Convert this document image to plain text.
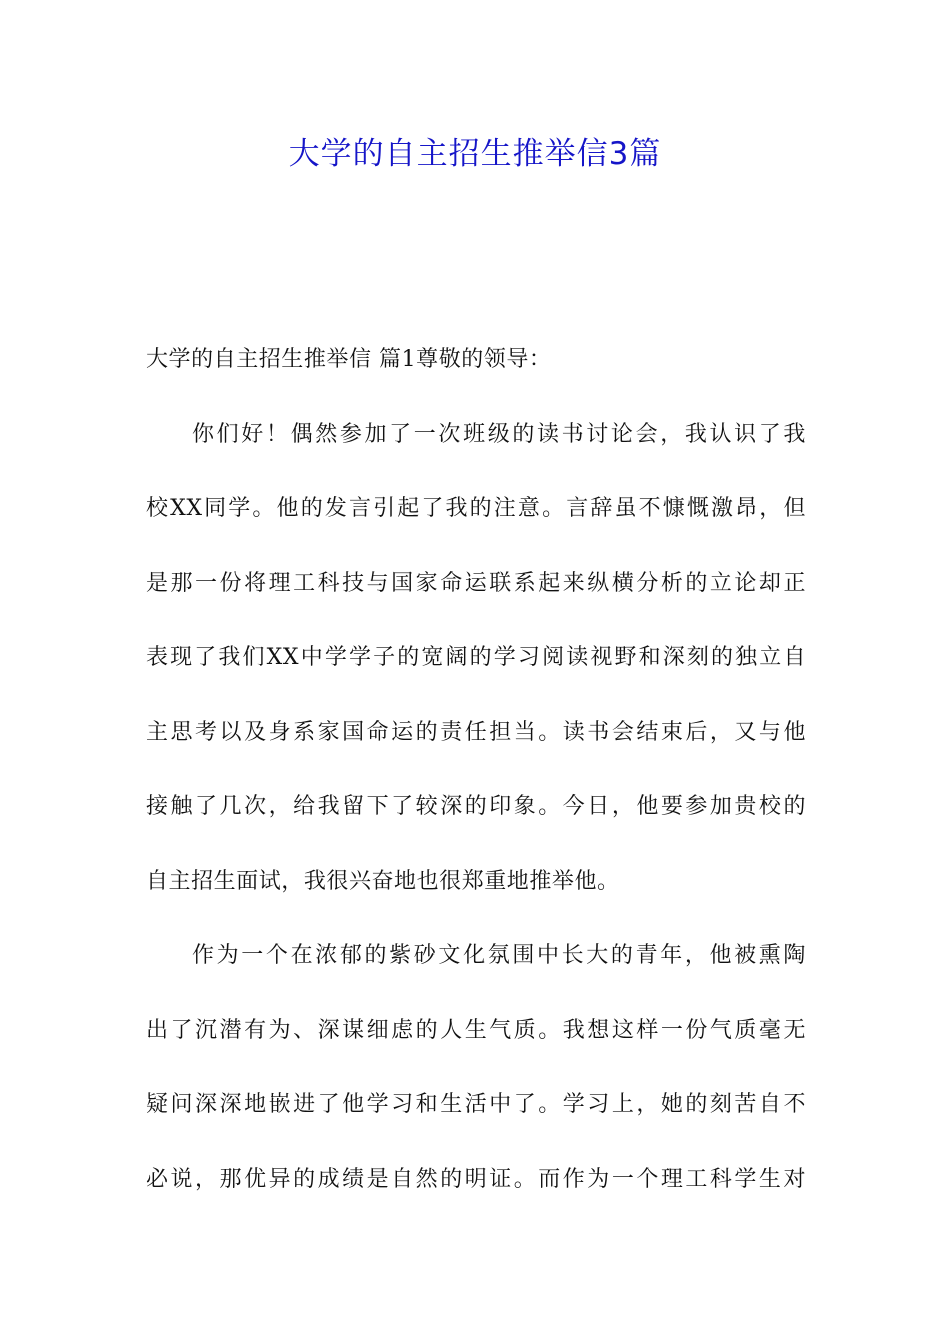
大学的自主招生推举信3篇
大学的自主招生推举信 篇1尊敬的领导：
你们好！偶然参加了一次班级的读书讨论会，我认识了我
校XX同学。他的发言引起了我的注意。言辞虽不慷慨激昂，但
是那一份将理工科技与国家命运联系起来纵横分析的立论却正
表现了我们XX中学学子的宽阔的学习阅读视野和深刻的独立自
主思考以及身系家国命运的责任担当。读书会结束后，又与他
接触了几次，给我留下了较深的印象。今日，他要参加贵校的
自主招生面试，我很兴奋地也很郑重地推举他。
作为一个在浓郁的紫砂文化氛围中长大的青年，他被熏陶
出了沉潜有为、深谋细虑的人生气质。我想这样一份气质毫无
疑问深深地嵌进了他学习和生活中了。学习上，她的刻苦自不
必说，那优异的成绩是自然的明证。而作为一个理工科学生对
